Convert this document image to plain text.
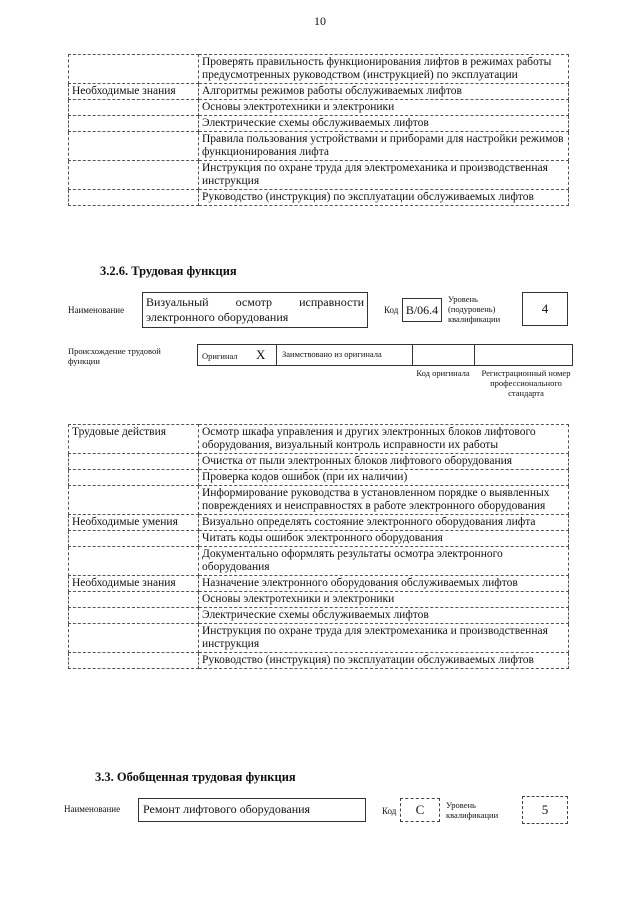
10
	Проверять правильность функционирования лифтов в режимах работы предусмотренных руководством (инструкцией) по эксплуатации
Необходимые знания	Алгоритмы режимов работы обслуживаемых лифтов
	Основы электротехники и электроники
	Электрические схемы обслуживаемых лифтов
	Правила пользования устройствами и приборами для настройки режимов функционирования лифта
	Инструкция по охране труда для электромеханика и производственная инструкция
	Руководство (инструкция) по эксплуатации обслуживаемых лифтов
3.2.6. Трудовая функция
Наименование
Визуальный осмотр исправности электронного оборудования	Код B/06.4
Уровень (подуровень) квалификации
4
Происхождение трудовой функции	Оригинал X Заимствовано из оригинала
Код оригинала	Регистрационный номер профессионального стандарта
Трудовые действия	Осмотр шкафа управления и других электронных блоков лифтового оборудования, визуальный контроль исправности их работы
	Очистка от пыли электронных блоков лифтового оборудования
	Проверка кодов ошибок (при их наличии)
	Информирование руководства в установленном порядке о выявленных повреждениях и неисправностях в работе электронного оборудования
Необходимые умения	Визуально определять состояние электронного оборудования лифта
	Читать коды ошибок электронного оборудования
	Документально оформлять результаты осмотра электронного оборудования
Необходимые знания	Назначение электронного оборудования обслуживаемых лифтов
	Основы электротехники и электроники
	Электрические схемы обслуживаемых лифтов
	Инструкция по охране труда для электромеханика и производственная инструкция
	Руководство (инструкция) по эксплуатации обслуживаемых лифтов
3.3. Обобщенная трудовая функция
Наименование	Ремонт лифтового оборудования	Код	C	Уровень квалификации	5
